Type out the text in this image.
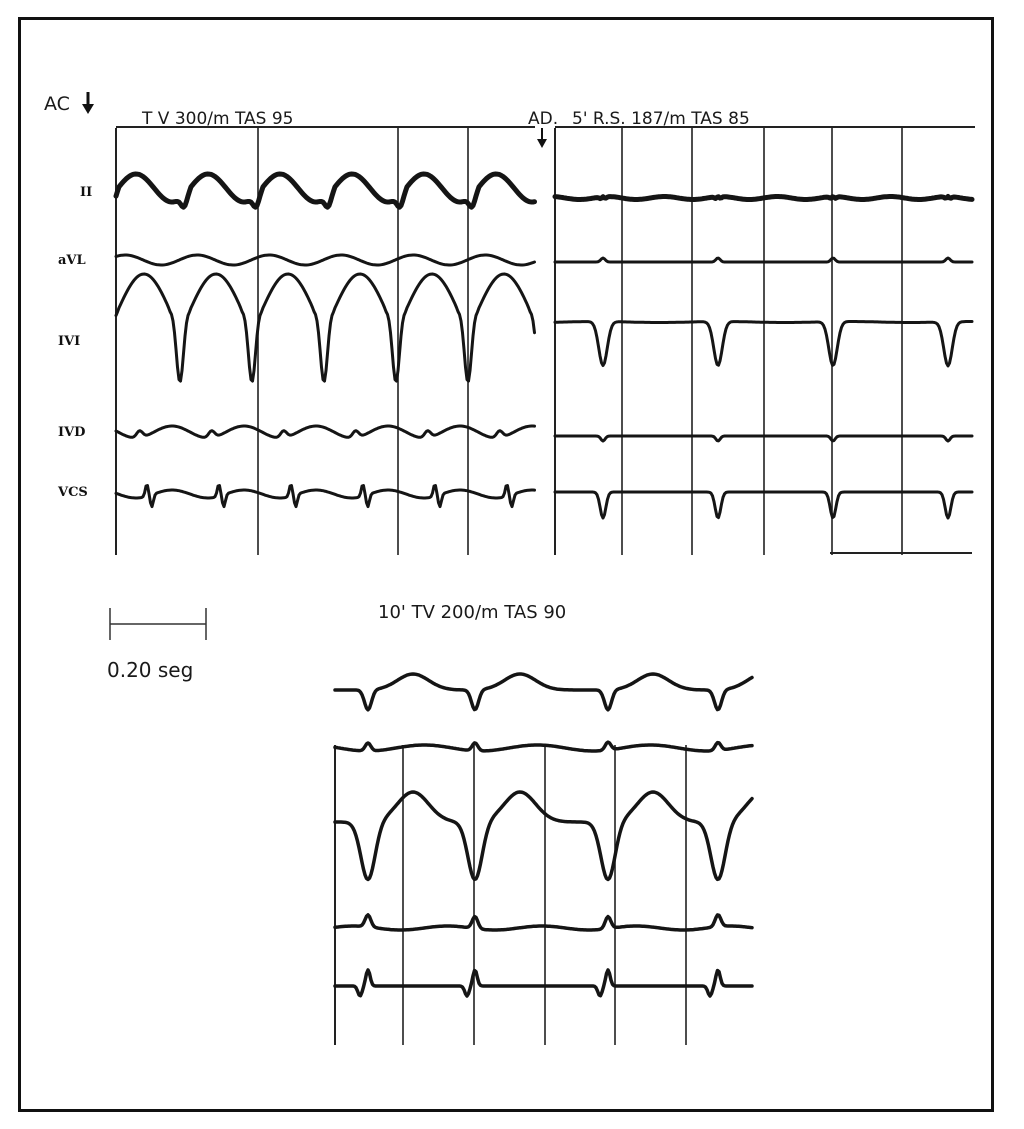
AC
T V 300/m TAS 95	AD. 5' R.S. 187/m TAS 85
II
aVL
IVI
IVD
VCS
0.20 seg
10' TV 200/m TAS 90
